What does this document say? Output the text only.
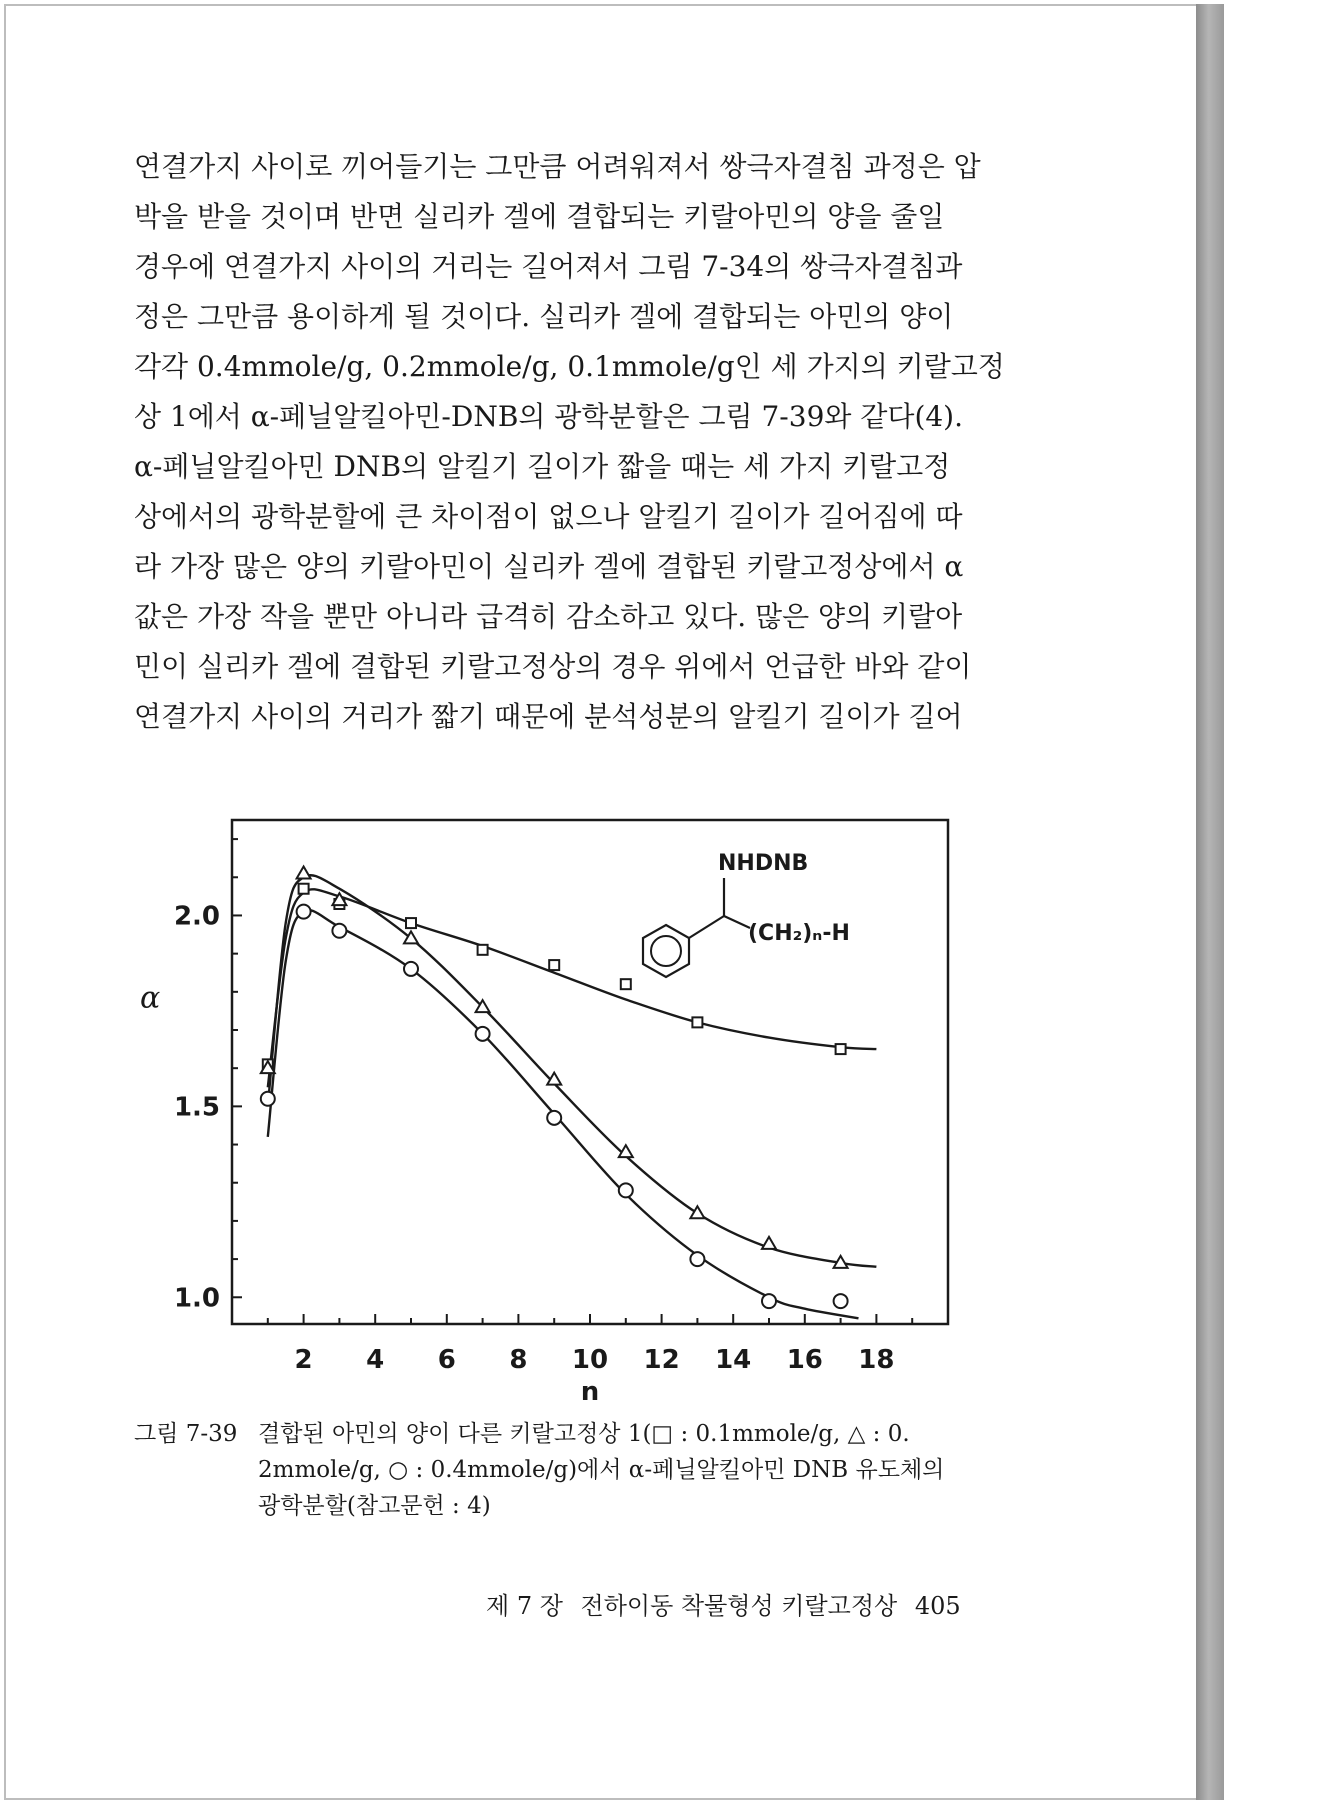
연결가지 사이로 끼어들기는 그만큼 어려워져서 쌍극자결침 과정은 압
박을 받을 것이며 반면 실리카 겔에 결합되는 키랄아민의 양을 줄일
경우에 연결가지 사이의 거리는 길어져서 그림 7-34의 쌍극자결침과
정은 그만큼 용이하게 될 것이다. 실리카 겔에 결합되는 아민의 양이
각각 0.4mmole/g, 0.2mmole/g, 0.1mmole/g인 세 가지의 키랄고정
상 1에서 α-페닐알킬아민-DNB의 광학분할은 그림 7-39와 같다(4).
α-페닐알킬아민 DNB의 알킬기 길이가 짧을 때는 세 가지 키랄고정
상에서의 광학분할에 큰 차이점이 없으나 알킬기 길이가 길어짐에 따
라 가장 많은 양의 키랄아민이 실리카 겔에 결합된 키랄고정상에서 α
값은 가장 작을 뿐만 아니라 급격히 감소하고 있다. 많은 양의 키랄아
민이 실리카 겔에 결합된 키랄고정상의 경우 위에서 언급한 바와 같이
연결가지 사이의 거리가 짧기 때문에 분석성분의 알킬기 길이가 길어
2 4 6 8 10 12 14 16 18
1.0
1.5
2.0
n
α
NHDNB
(CH₂)ₙ-H
그림 7-39 결합된 아민의 양이 다른 키랄고정상 1(□ : 0.1mmole/g, △ : 0.
2mmole/g, ○ : 0.4mmole/g)에서 α-페닐알킬아민 DNB 유도체의
광학분할(참고문헌 : 4)
제 7 장 전하이동 착물형성 키랄고정상 405
